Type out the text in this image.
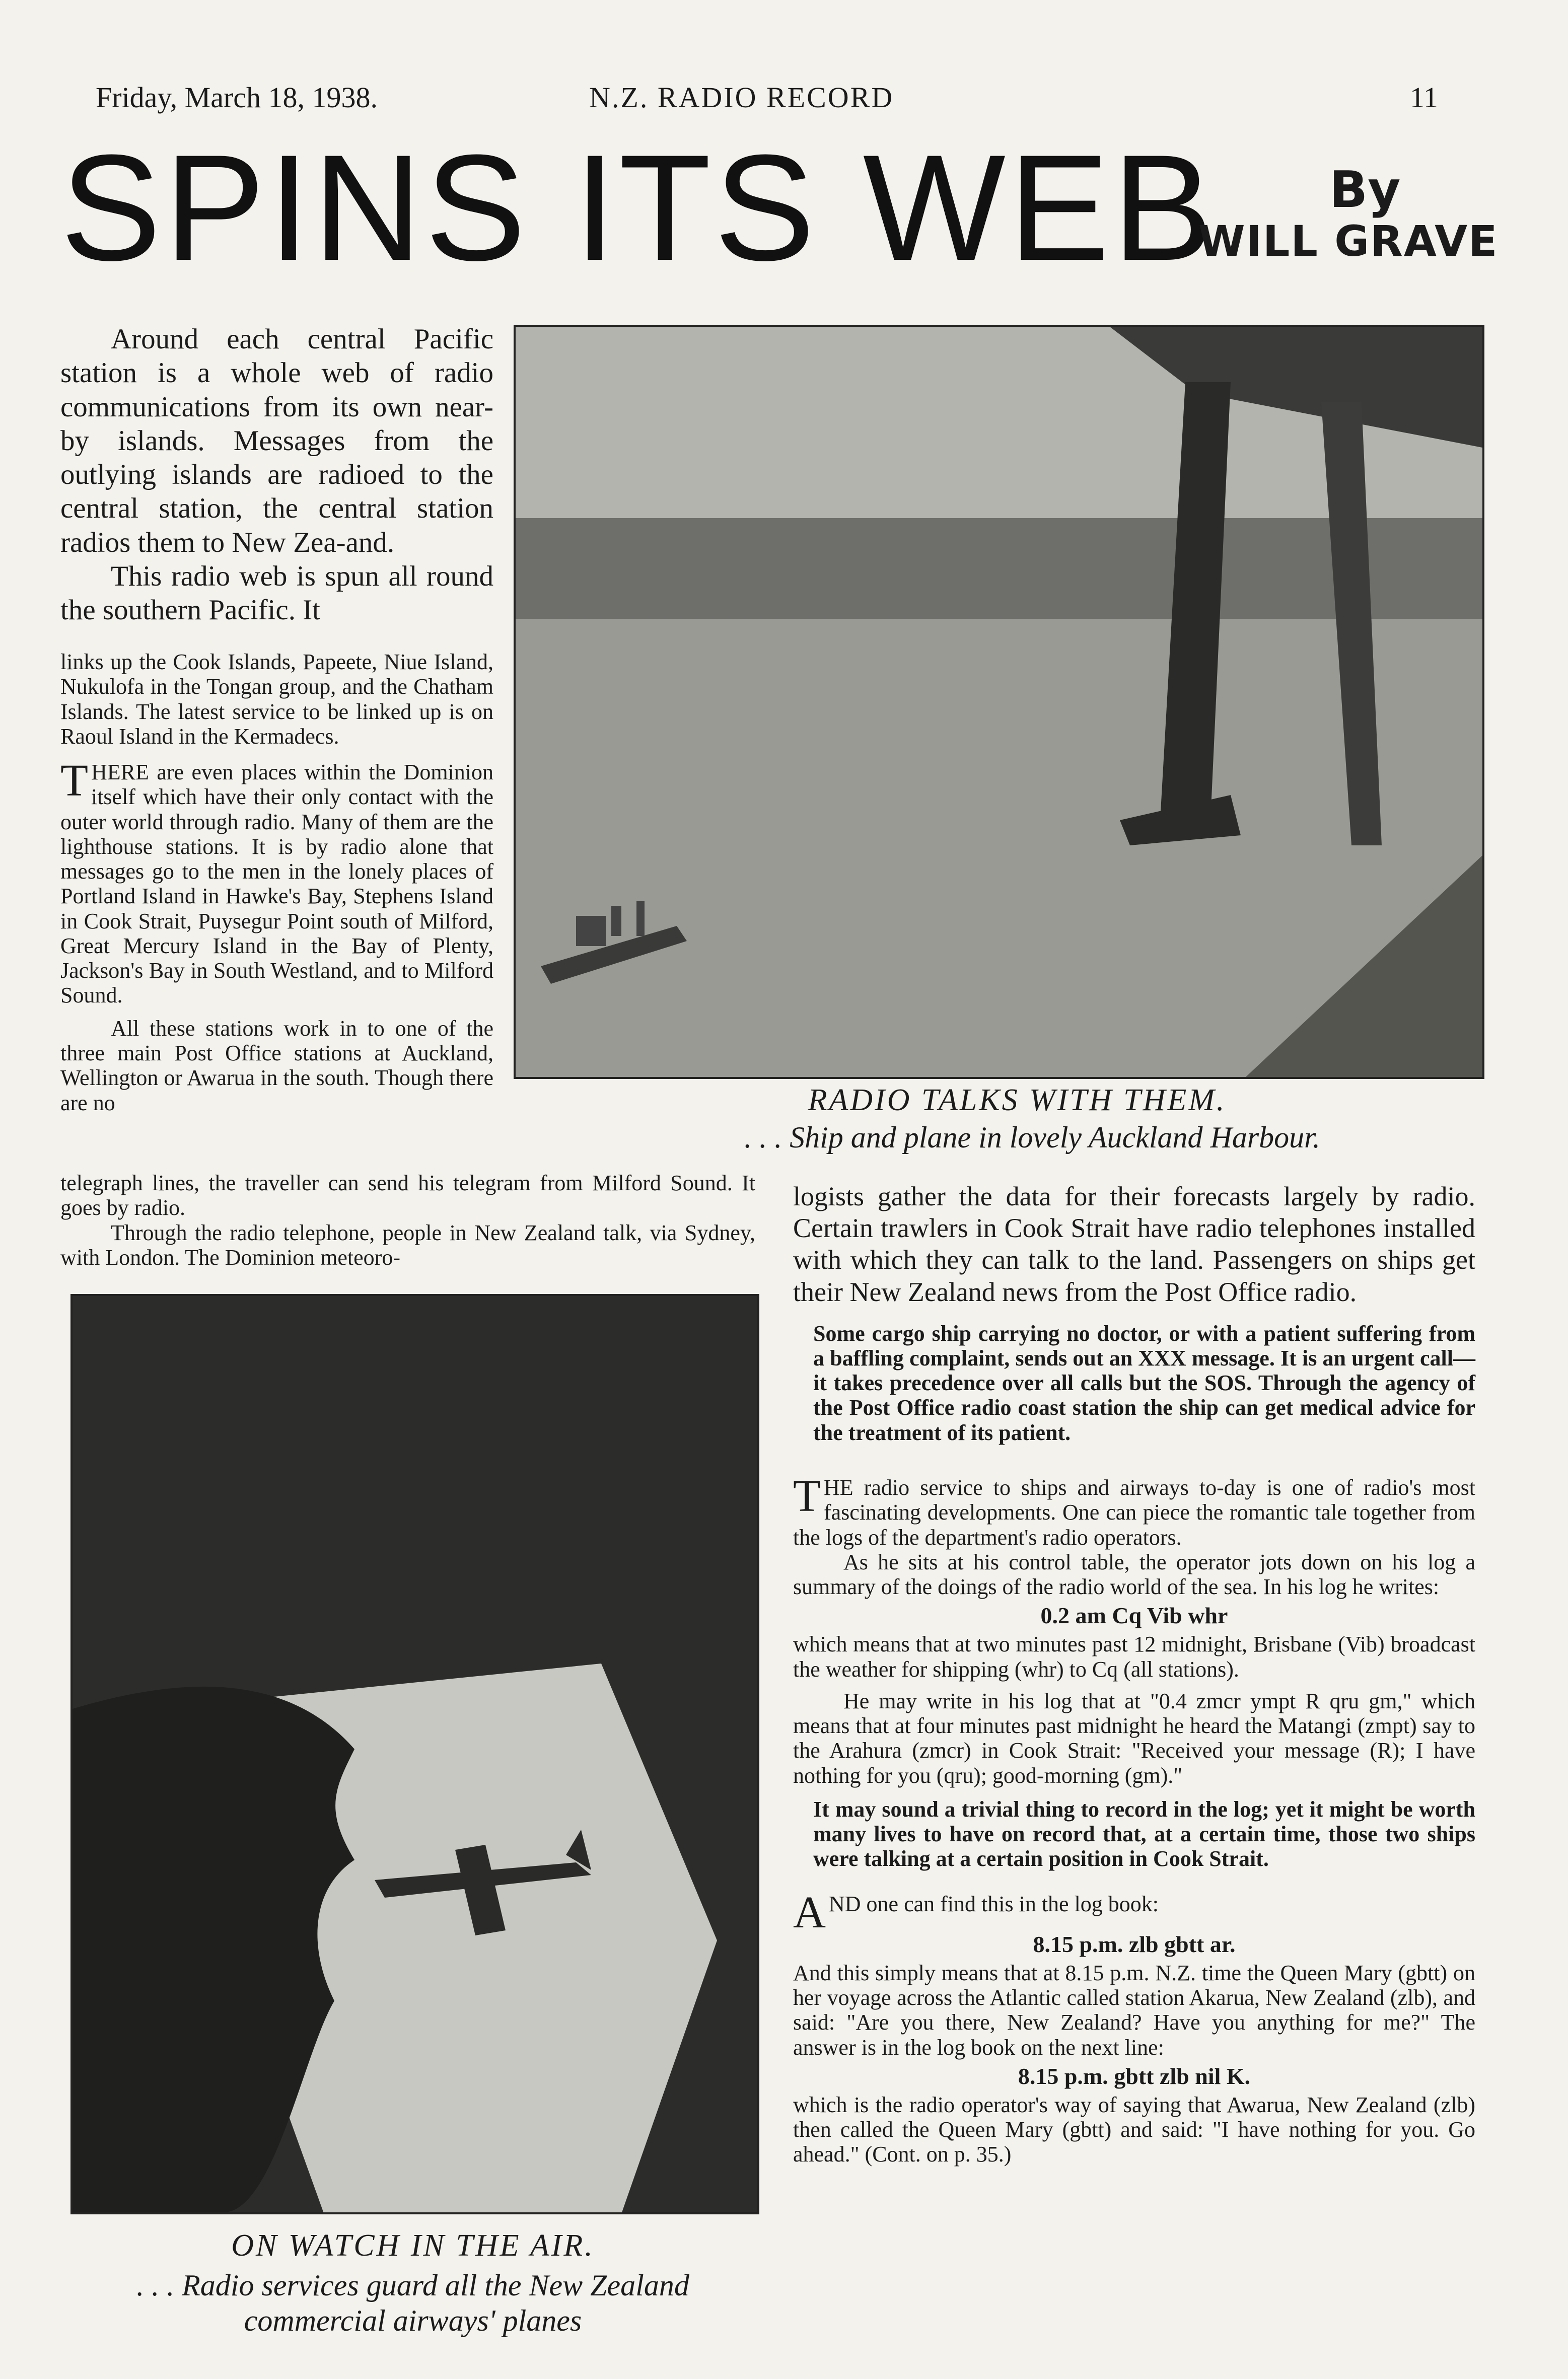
Friday, March 18, 1938.	N.Z. RADIO RECORD	11
SPINS ITS WEB By
WILL GRAVE

Around each central Pacific station is a whole web of radio communications from its own near-by islands. Messages from the outlying islands are radioed to the central station, the central station radios them to New Zea-and.

This radio web is spun all round the southern Pacific. It

links up the Cook Islands, Papeete, Niue Island, Nukulofa in the Tongan group, and the Chatham Islands. The latest service to be linked up is on Raoul Island in the Kermadecs.

THERE are even places within the Dominion itself which have their only contact with the outer world through radio. Many of them are the lighthouse stations. It is by radio alone that messages go to the men in the lonely places of Portland Island in Hawke's Bay, Stephens Island in Cook Strait, Puysegur Point south of Milford, Great Mercury Island in the Bay of Plenty, Jackson's Bay in South Westland, and to Milford Sound.

All these stations work in to one of the three main Post Office stations at Auckland, Wellington or Awarua in the south. Though there are no

telegraph lines, the traveller can send his telegram from Milford Sound. It goes by radio.

Through the radio telephone, people in New Zealand talk, via Sydney, with London. The Dominion meteoro-

RADIO TALKS WITH THEM.
. . . Ship and plane in lovely Auckland Harbour.
ON WATCH IN THE AIR.
. . . Radio services guard all the New Zealand
commercial airways' planes

logists gather the data for their forecasts largely by radio. Certain trawlers in Cook Strait have radio telephones installed with which they can talk to the land. Passengers on ships get their New Zealand news from the Post Office radio.

Some cargo ship carrying no doctor, or with a patient suffering from a baffling complaint, sends out an XXX message. It is an urgent call—it takes precedence over all calls but the SOS. Through the agency of the Post Office radio coast station the ship can get medical advice for the treatment of its patient.

THE radio service to ships and airways to-day is one of radio's most fascinating developments. One can piece the romantic tale together from the logs of the department's radio operators.

As he sits at his control table, the operator jots down on his log a summary of the doings of the radio world of the sea. In his log he writes:

0.2 am Cq Vib whr

which means that at two minutes past 12 midnight, Brisbane (Vib) broadcast the weather for shipping (whr) to Cq (all stations).

He may write in his log that at "0.4 zmcr ympt R qru gm," which means that at four minutes past midnight he heard the Matangi (zmpt) say to the Arahura (zmcr) in Cook Strait: "Received your message (R); I have nothing for you (qru); good-morning (gm)."

It may sound a trivial thing to record in the log; yet it might be worth many lives to have on record that, at a certain time, those two ships were talking at a certain position in Cook Strait.

AND one can find this in the log book:

8.15 p.m. zlb gbtt ar.

And this simply means that at 8.15 p.m. N.Z. time the Queen Mary (gbtt) on her voyage across the Atlantic called station Akarua, New Zealand (zlb), and said: "Are you there, New Zealand? Have you anything for me?" The answer is in the log book on the next line:

8.15 p.m. gbtt zlb nil K.

which is the radio operator's way of saying that Awarua, New Zealand (zlb) then called the Queen Mary (gbtt) and said: "I have nothing for you. Go ahead." (Cont. on p. 35.)
